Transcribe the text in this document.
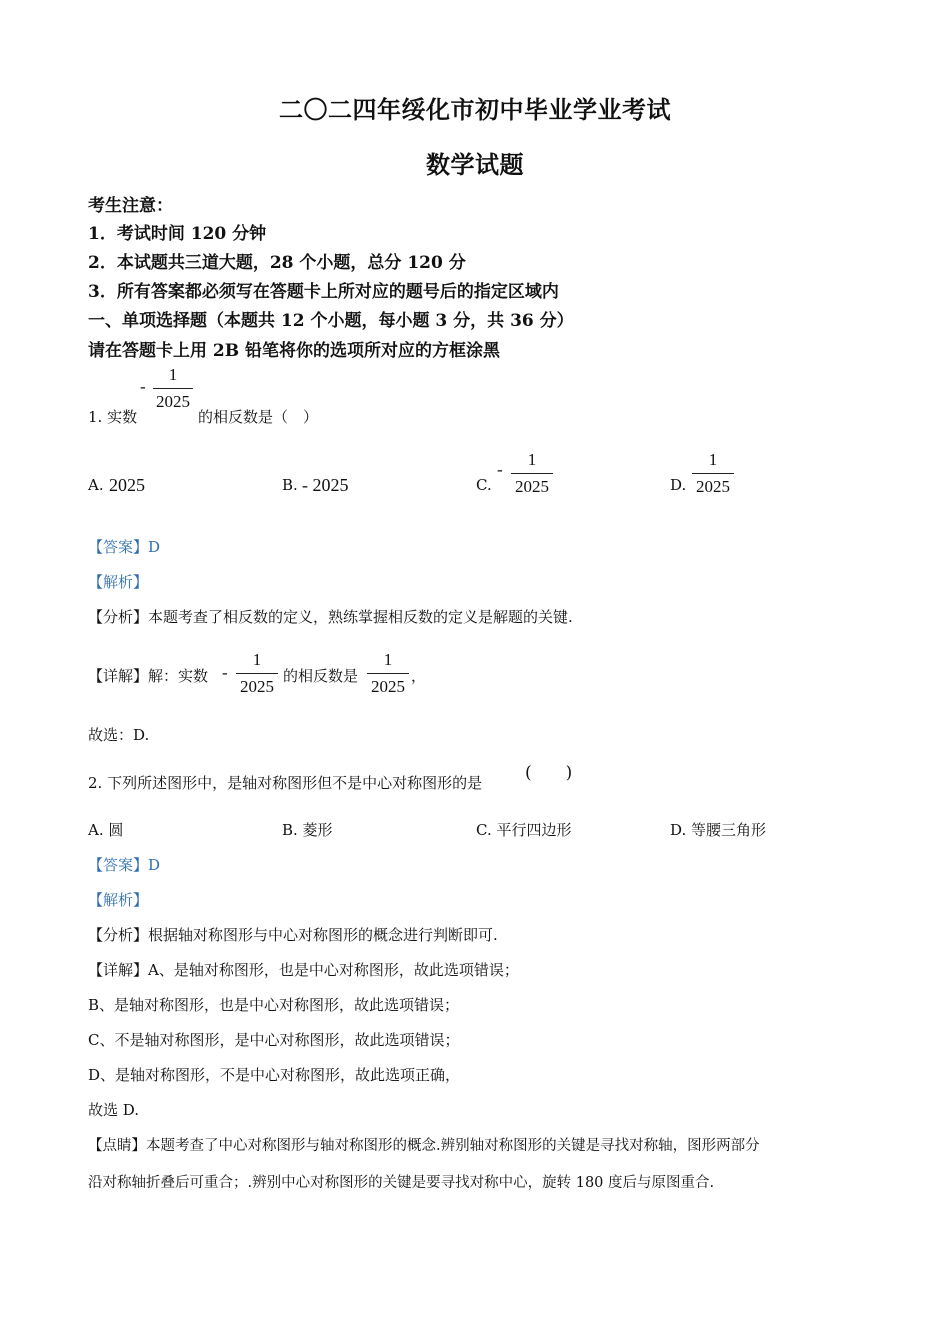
二〇二四年绥化市初中毕业学业考试
数学试题
考生注意：
1．考试时间 120 分钟
2．本试题共三道大题，28 个小题，总分 120 分
3．所有答案都必须写在答题卡上所对应的题号后的指定区域内
一、单项选择题（本题共 12 个小题，每小题 3 分，共 36 分）
请在答题卡上用 2B 铅笔将你的选项所对应的方框涂黑
1. 实数
-
1
2025
的相反数是（　）
A. 2025	B. - 2025	C.
-
1
2025	D.
1
2025
【答案】D
【解析】
【分析】本题考查了相反数的定义，熟练掌握相反数的定义是解题的关键.
【详解】解：实数 -
1
2025
的相反数是
1
2025
，
故选：D.
2. 下列所述图形中，是轴对称图形但不是中心对称图形的是	(　　)
A. 圆	B. 菱形	C. 平行四边形	D. 等腰三角形
【答案】D
【解析】
【分析】根据轴对称图形与中心对称图形的概念进行判断即可.
【详解】A、是轴对称图形，也是中心对称图形，故此选项错误；
B、是轴对称图形，也是中心对称图形，故此选项错误；
C、不是轴对称图形，是中心对称图形，故此选项错误；
D、是轴对称图形，不是中心对称图形，故此选项正确，
故选 D.
【点睛】本题考查了中心对称图形与轴对称图形的概念.辨别轴对称图形的关键是寻找对称轴，图形两部分
沿对称轴折叠后可重合；.辨别中心对称图形的关键是要寻找对称中心，旋转 180 度后与原图重合.
